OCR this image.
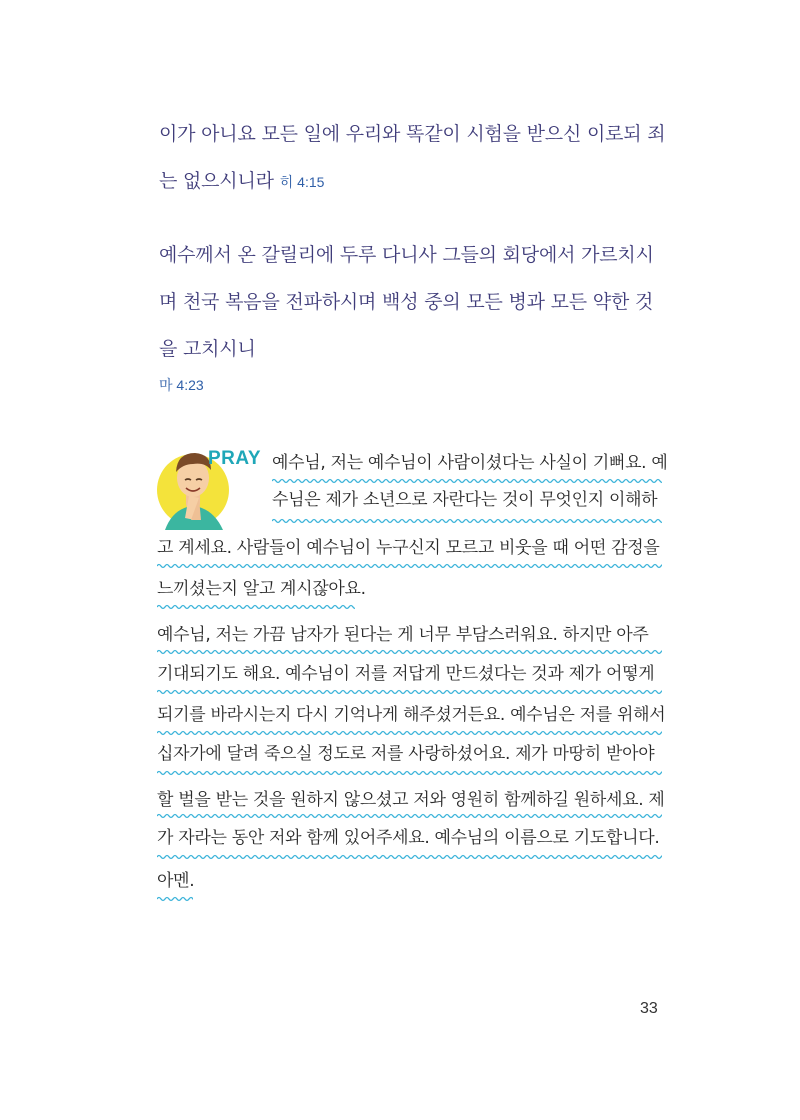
이가 아니요 모든 일에 우리와 똑같이 시험을 받으신 이로되 죄는 없으시니라 히 4:15
예수께서 온 갈릴리에 두루 다니사 그들의 회당에서 가르치시며 천국 복음을 전파하시며 백성 중의 모든 병과 모든 약한 것을 고치시니
마 4:23
PRAY 예수님, 저는 예수님이 사람이셨다는 사실이 기뻐요. 예
수님은 제가 소년으로 자란다는 것이 무엇인지 이해하
고 계세요. 사람들이 예수님이 누구신지 모르고 비웃을 때 어떤 감정을
느끼셨는지 알고 계시잖아요.
예수님, 저는 가끔 남자가 된다는 게 너무 부담스러워요. 하지만 아주
기대되기도 해요. 예수님이 저를 저답게 만드셨다는 것과 제가 어떻게
되기를 바라시는지 다시 기억나게 해주셨거든요. 예수님은 저를 위해서
십자가에 달려 죽으실 정도로 저를 사랑하셨어요. 제가 마땅히 받아야
할 벌을 받는 것을 원하지 않으셨고 저와 영원히 함께하길 원하세요. 제
가 자라는 동안 저와 함께 있어주세요. 예수님의 이름으로 기도합니다.
아멘.
33
